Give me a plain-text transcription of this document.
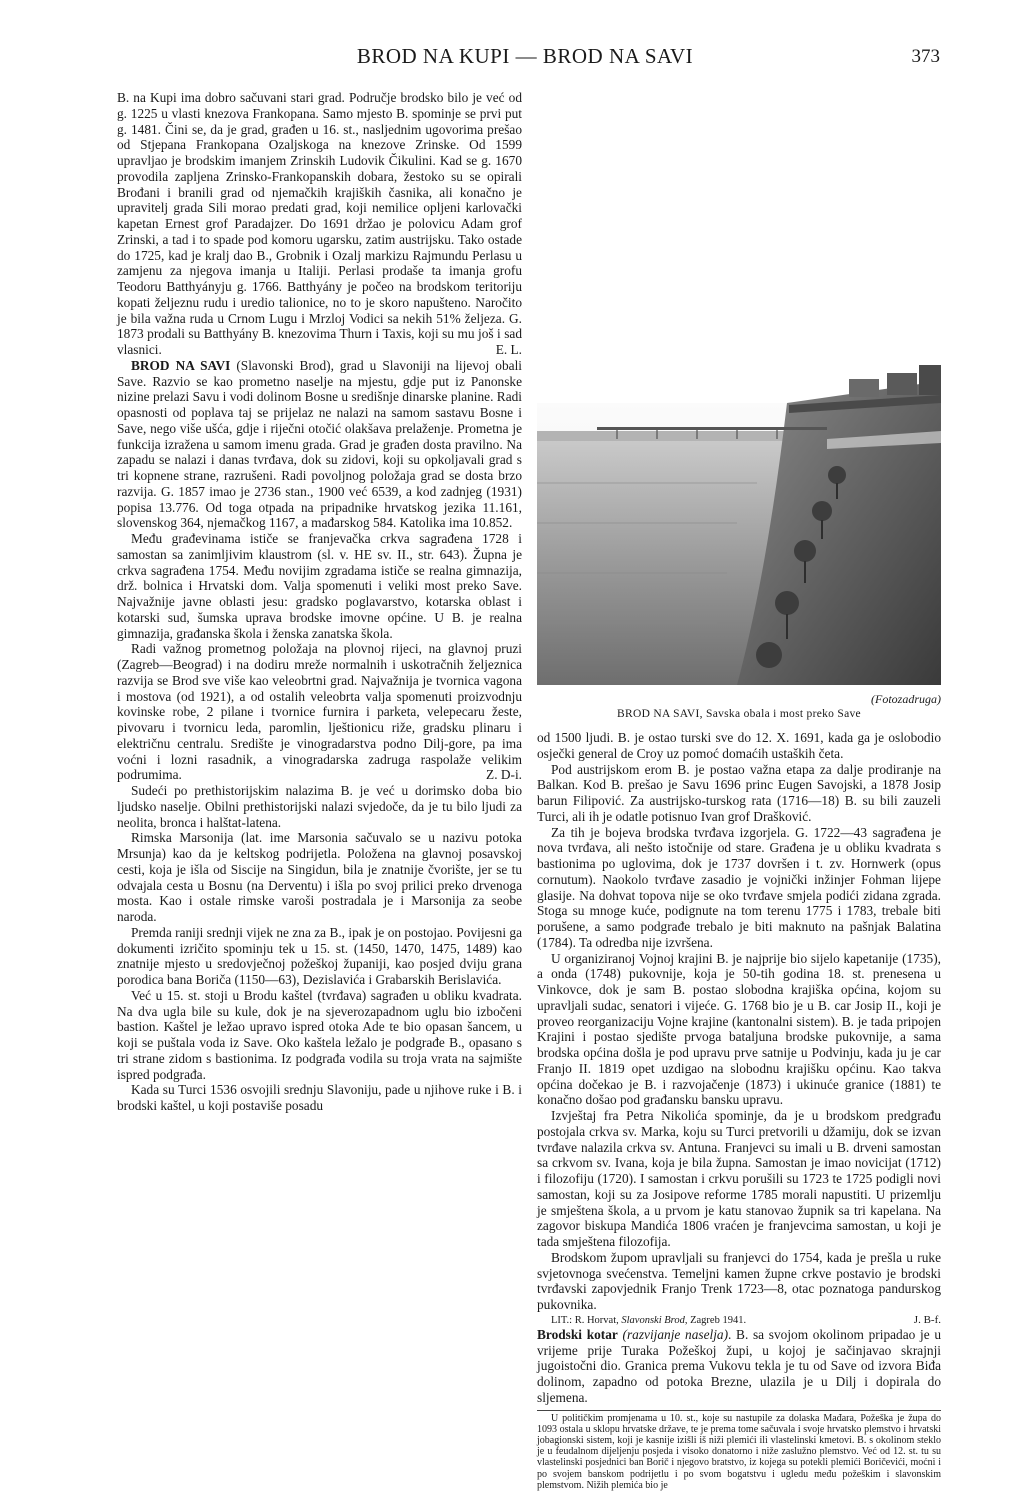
BROD NA KUPI — BROD NA SAVI	373

B. na Kupi ima dobro sačuvani stari grad. Područje brodsko bilo je već od g. 1225 u vlasti knezova Frankopana. Samo mjesto B. spominje se prvi put g. 1481. Čini se, da je grad, građen u 16. st., nasljednim ugovorima prešao od Stjepana Frankopana Ozaljskoga na knezove Zrinske. Od 1599 upravljao je brodskim imanjem Zrinskih Ludovik Čikulini. Kad se g. 1670 provodila zapljena Zrinsko-Frankopanskih dobara, žestoko su se opirali Brođani i branili grad od njemačkih krajiških časnika, ali konačno je upravitelj grada Sili morao predati grad, koji nemilice opljeni karlovački kapetan Ernest grof Paradajzer. Do 1691 držao je polovicu Adam grof Zrinski, a tad i to spade pod komoru ugarsku, zatim austrijsku. Tako ostade do 1725, kad je kralj dao B., Grobnik i Ozalj markizu Rajmundu Perlasu u zamjenu za njegova imanja u Italiji. Perlasi prodaše ta imanja grofu Teodoru Batthyányju g. 1766. Batthyány je počeo na brodskom teritoriju kopati željeznu rudu i uredio talionice, no to je skoro napušteno. Naročito je bila važna ruda u Crnom Lugu i Mrzloj Vodici sa nekih 51% željeza. G. 1873 prodali su Batthyány B. knezovima Thurn i Taxis, koji su mu još i sad vlasnici.	E. L.

BROD NA SAVI (Slavonski Brod), grad u Slavoniji na lijevoj obali Save. Razvio se kao prometno naselje na mjestu, gdje put iz Panonske nizine prelazi Savu i vodi dolinom Bosne u središnje dinarske planine. Radi opasnosti od poplava taj se prijelaz ne nalazi na samom sastavu Bosne i Save, nego više ušća, gdje i riječni otočić olakšava prelaženje. Prometna je funkcija izražena u samom imenu grada. Grad je građen dosta pravilno. Na zapadu se nalazi i danas tvrđava, dok su zidovi, koji su opkoljavali grad s tri kopnene strane, razrušeni. Radi povoljnog položaja grad se dosta brzo razvija. G. 1857 imao je 2736 stan., 1900 već 6539, a kod zadnjeg (1931) popisa 13.776. Od toga otpada na pripadnike hrvatskog jezika 11.161, slovenskog 364, njemačkog 1167, a mađarskog 584. Katolika ima 10.852.

Među građevinama ističe se franjevačka crkva sagrađena 1728 i samostan sa zanimljivim klaustrom (sl. v. HE sv. II., str. 643). Župna je crkva sagrađena 1754. Među novijim zgradama ističe se realna gimnazija, drž. bolnica i Hrvatski dom. Valja spomenuti i veliki most preko Save. Najvažnije javne oblasti jesu: gradsko poglavarstvo, kotarska oblast i kotarski sud, šumska uprava brodske imovne općine. U B. je realna gimnazija, građanska škola i ženska zanatska škola.

Radi važnog prometnog položaja na plovnoj rijeci, na glavnoj pruzi (Zagreb—Beograd) i na dodiru mreže normalnih i uskotračnih željeznica razvija se Brod sve više kao veleobrtni grad. Najvažnija je tvornica vagona i mostova (od 1921), a od ostalih veleobrta valja spomenuti proizvodnju kovinske robe, 2 pilane i tvornice furnira i parketa, velepecaru žeste, pivovaru i tvornicu leda, paromlin, lještionicu riže, gradsku plinaru i električnu centralu. Središte je vinogradarstva podno Dilj-gore, pa ima voćni i lozni rasadnik, a vinogradarska zadruga raspolaže velikim podrumima.	Z. D-i.

Sudeći po prethistorijskim nalazima B. je već u dorimsko doba bio ljudsko naselje. Obilni prethistorijski nalazi svjedoče, da je tu bilo ljudi za neolita, bronca i halštat-latena.

Rimska Marsonija (lat. ime Marsonia sačuvalo se u nazivu potoka Mrsunja) kao da je keltskog podrijetla. Položena na glavnoj posavskoj cesti, koja je išla od Siscije na Singidun, bila je znatnije čvorište, jer se tu odvajala cesta u Bosnu (na Derventu) i išla po svoj prilici preko drvenoga mosta. Kao i ostale rimske varoši postradala je i Marsonija za seobe naroda.

Premda raniji srednji vijek ne zna za B., ipak je on postojao. Povijesni ga dokumenti izričito spominju tek u 15. st. (1450, 1470, 1475, 1489) kao znatnije mjesto u sredovječnoj požeškoj županiji, kao posjed dviju grana porodica bana Boriča (1150—63), Dezislavića i Grabarskih Berislavića.

Već u 15. st. stoji u Brodu kaštel (tvrđava) sagrađen u obliku kvadrata. Na dva ugla bile su kule, dok je na sjeverozapadnom uglu bio izbočeni bastion. Kaštel je ležao upravo ispred otoka Ade te bio opasan šancem, u koji se puštala voda iz Save. Oko kaštela ležalo je podgrađe B., opasano s tri strane zidom s bastionima. Iz podgrađa vodila su troja vrata na sajmište ispred podgrađa.

Kada su Turci 1536 osvojili srednju Slavoniju, pade u njihove ruke i B. i brodski kaštel, u koji postaviše posadu

(Fotozadruga)
BROD NA SAVI, Savska obala i most preko Save

od 1500 ljudi. B. je ostao turski sve do 12. X. 1691, kada ga je oslobodio osječki general de Croy uz pomoć domaćih ustaških četa.

Pod austrijskom erom B. je postao važna etapa za dalje prodiranje na Balkan. Kod B. prešao je Savu 1696 princ Eugen Savojski, a 1878 Josip barun Filipović. Za austrijsko-turskog rata (1716—18) B. su bili zauzeli Turci, ali ih je odatle potisnuo Ivan grof Drašković.

Za tih je bojeva brodska tvrđava izgorjela. G. 1722—43 sagrađena je nova tvrđava, ali nešto istočnije od stare. Građena je u obliku kvadrata s bastionima po uglovima, dok je 1737 dovršen i t. zv. Hornwerk (opus cornutum). Naokolo tvrđave zasadio je vojnički inžinjer Fohman lijepe glasije. Na dohvat topova nije se oko tvrđave smjela podići zidana zgrada. Stoga su mnoge kuće, podignute na tom terenu 1775 i 1783, trebale biti porušene, a samo podgrađe trebalo je biti maknuto na pašnjak Balatina (1784). Ta odredba nije izvršena.

U organiziranoj Vojnoj krajini B. je najprije bio sijelo kapetanije (1735), a onda (1748) pukovnije, koja je 50-tih godina 18. st. prenesena u Vinkovce, dok je sam B. postao slobodna krajiška općina, kojom su upravljali sudac, senatori i vijeće. G. 1768 bio je u B. car Josip II., koji je proveo reorganizaciju Vojne krajine (kantonalni sistem). B. je tada pripojen Krajini i postao sjedište prvoga bataljuna brodske pukovnije, a sama brodska općina došla je pod upravu prve satnije u Podvinju, kada ju je car Franjo II. 1819 opet uzdigao na slobodnu krajišku općinu. Kao takva općina dočekao je B. i razvojačenje (1873) i ukinuće granice (1881) te konačno došao pod građansku bansku upravu.

Izvještaj fra Petra Nikolića spominje, da je u brodskom predgrađu postojala crkva sv. Marka, koju su Turci pretvorili u džamiju, dok se izvan tvrđave nalazila crkva sv. Antuna. Franjevci su imali u B. drveni samostan sa crkvom sv. Ivana, koja je bila župna. Samostan je imao novicijat (1712) i filozofiju (1720). I samostan i crkvu porušili su 1723 te 1725 podigli novi samostan, koji su za Josipove reforme 1785 morali napustiti. U prizemlju je smještena škola, a u prvom je katu stanovao župnik sa tri kapelana. Na zagovor biskupa Mandića 1806 vraćen je franjevcima samostan, u koji je tada smještena filozofija.

Brodskom župom upravljali su franjevci do 1754, kada je prešla u ruke svjetovnoga svećenstva. Temeljni kamen župne crkve postavio je brodski tvrđavski zapovjednik Franjo Trenk 1723—8, otac poznatoga pandurskog pukovnika.

LIT.: R. Horvat, Slavonski Brod, Zagreb 1941.	J. B-f.

Brodski kotar (razvijanje naselja). B. sa svojom okolinom pripadao je u vrijeme prije Turaka Požeškoj župi, u kojoj je sačinjavao skrajnji jugoistočni dio. Granica prema Vukovu tekla je tu od Save od izvora Biđa dolinom, zapadno od potoka Brezne, ulazila je u Dilj i dopirala do sljemena.

U političkim promjenama u 10. st., koje su nastupile za dolaska Mađara, Požeška je župa do 1093 ostala u sklopu hrvatske države, te je prema tome sačuvala i svoje hrvatsko plemstvo i hrvatski jobagionski sistem, koji je kasnije izišli iš niži plemići ili vlastelinski kmetovi. B. s okolinom steklo je u feudalnom dijeljenju posjeda i visoko donatorno i niže zaslužno plemstvo. Već od 12. st. tu su vlastelinski posjednici ban Borič i njegovo bratstvo, iz kojega su potekli plemići Boričevići, moćni i po svojem banskom podrijetlu i po svom bogatstvu i ugledu među požeškim i slavonskim plemstvom. Nižih plemića bio je
